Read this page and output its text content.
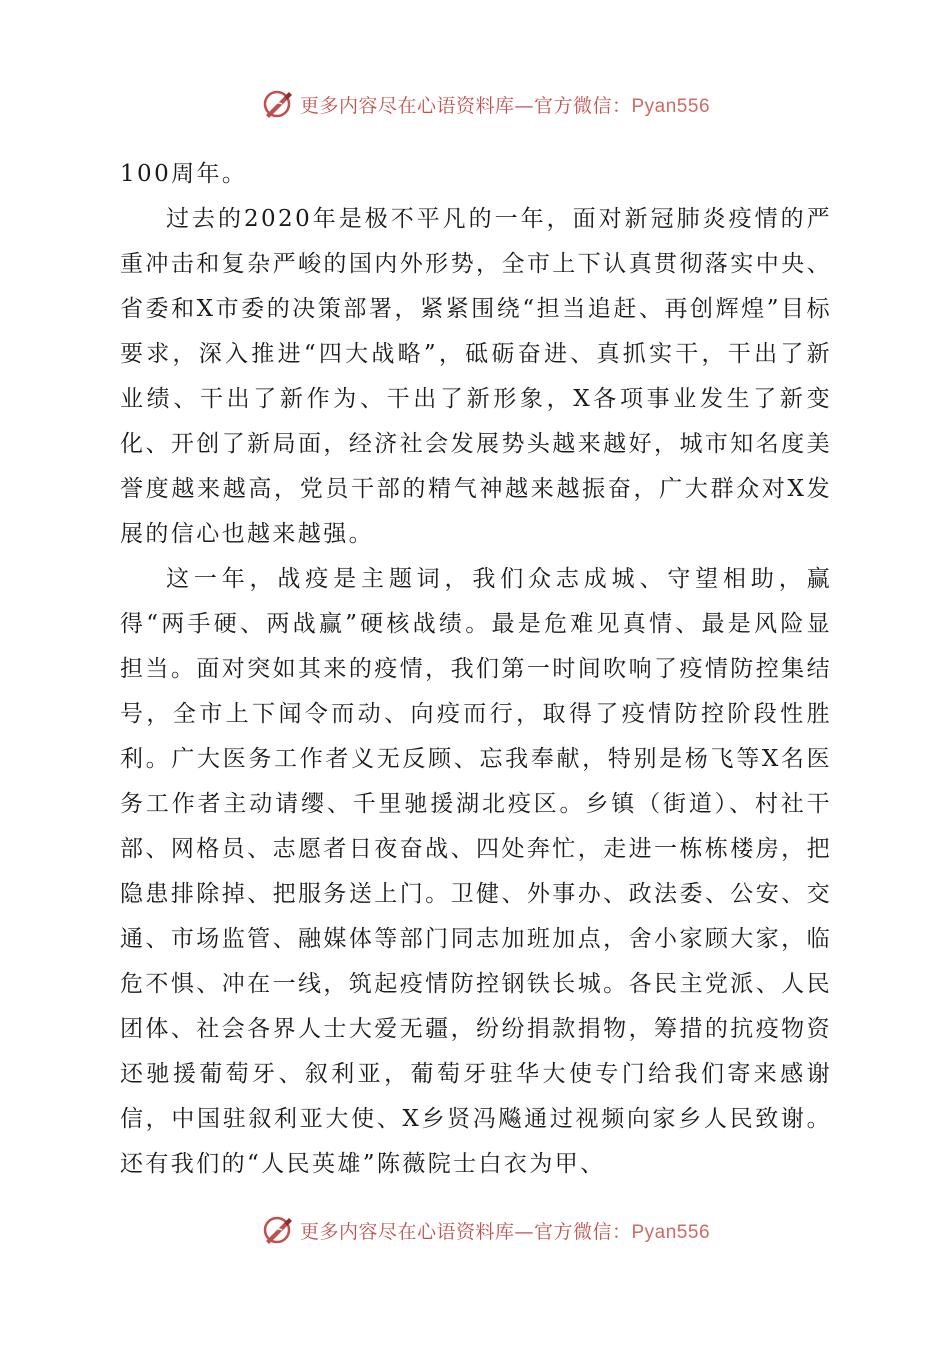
更多内容尽在心语资料库—官方微信：Pyan556

100周年。

过去的2020年是极不平凡的一年，面对新冠肺炎疫情的严重冲击和复杂严峻的国内外形势，全市上下认真贯彻落实中央、省委和X市委的决策部署，紧紧围绕“担当追赶、再创辉煌”目标要求，深入推进“四大战略”，砥砺奋进、真抓实干，干出了新业绩、干出了新作为、干出了新形象，X各项事业发生了新变化、开创了新局面，经济社会发展势头越来越好，城市知名度美誉度越来越高，党员干部的精气神越来越振奋，广大群众对X发展的信心也越来越强。

这一年，战疫是主题词，我们众志成城、守望相助，赢得“两手硬、两战赢”硬核战绩。最是危难见真情、最是风险显担当。面对突如其来的疫情，我们第一时间吹响了疫情防控集结号，全市上下闻令而动、向疫而行，取得了疫情防控阶段性胜利。广大医务工作者义无反顾、忘我奉献，特别是杨飞等X名医务工作者主动请缨、千里驰援湖北疫区。乡镇（街道）、村社干部、网格员、志愿者日夜奋战、四处奔忙，走进一栋栋楼房，把隐患排除掉、把服务送上门。卫健、外事办、政法委、公安、交通、市场监管、融媒体等部门同志加班加点，舍小家顾大家，临危不惧、冲在一线，筑起疫情防控钢铁长城。各民主党派、人民团体、社会各界人士大爱无疆，纷纷捐款捐物，筹措的抗疫物资还驰援葡萄牙、叙利亚，葡萄牙驻华大使专门给我们寄来感谢信，中国驻叙利亚大使、X乡贤冯飚通过视频向家乡人民致谢。还有我们的“人民英雄”陈薇院士白衣为甲、

更多内容尽在心语资料库—官方微信：Pyan556
